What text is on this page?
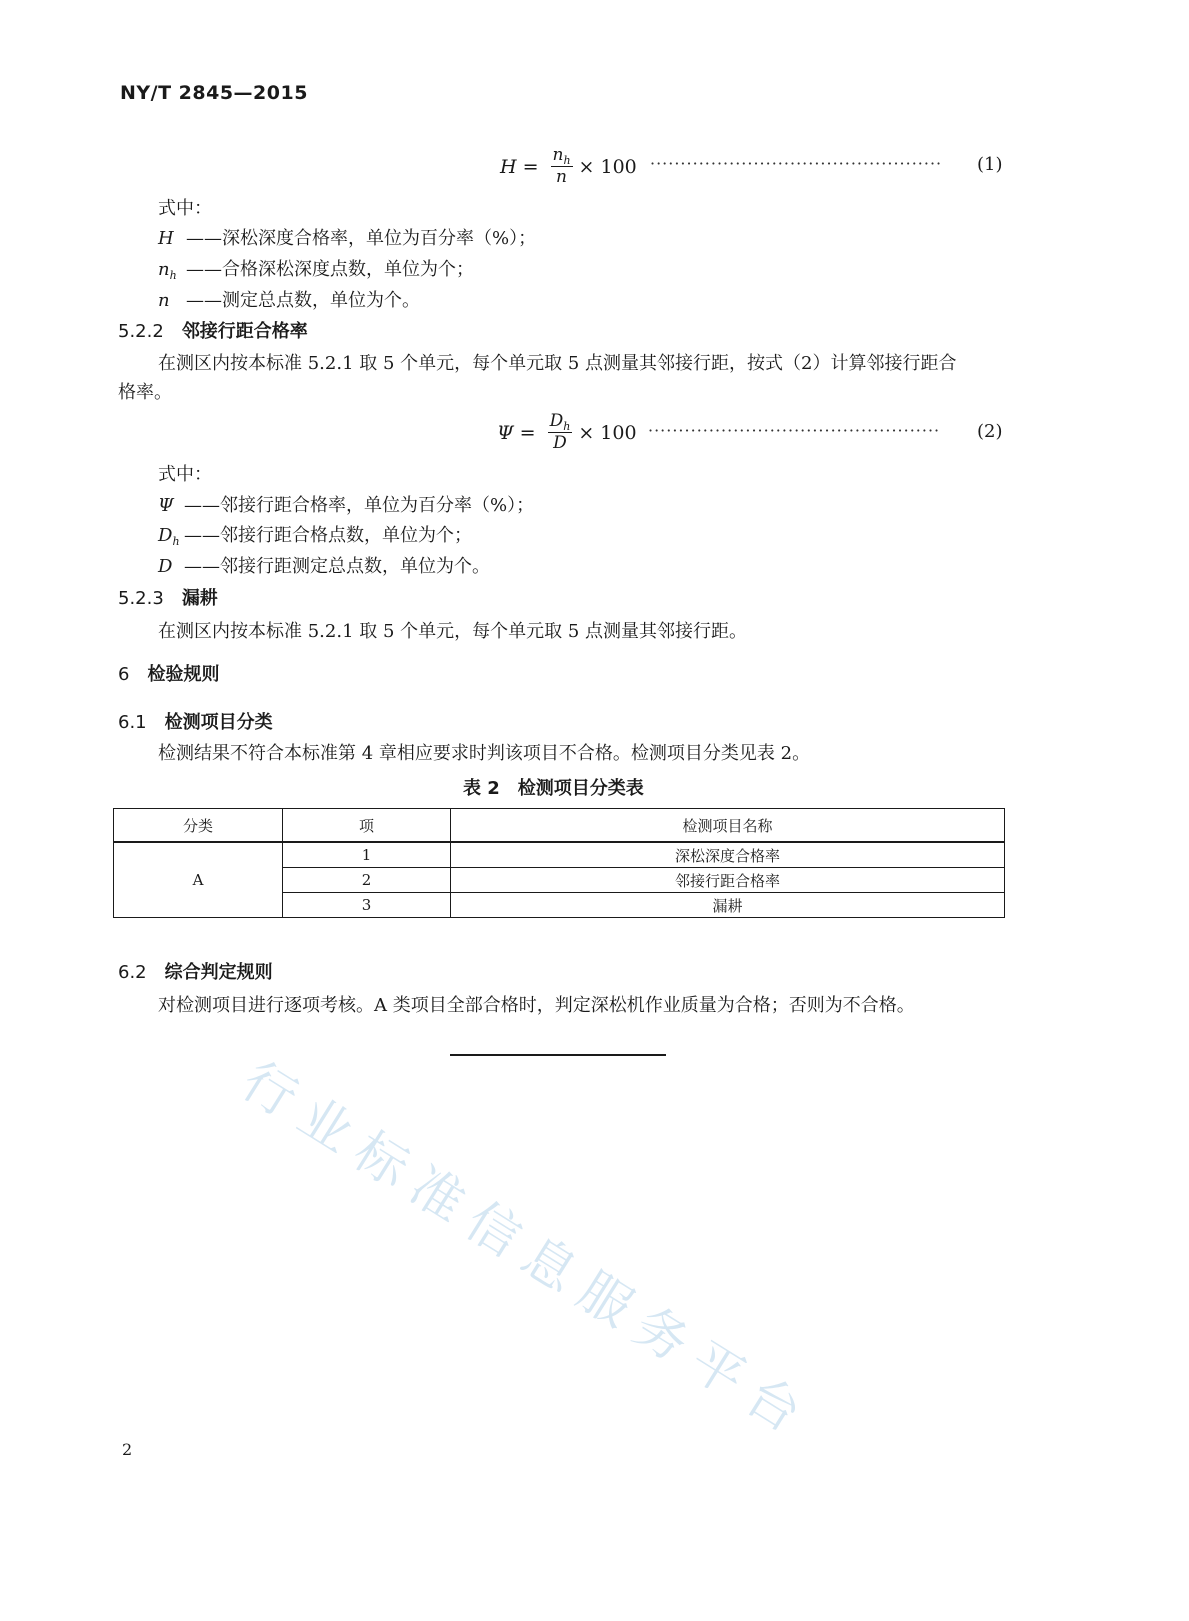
NY/T 2845—2015
$H = \frac{n_h}{n} \times 100$ ················································ (1)
式中：
H ——深松深度合格率，单位为百分率（%）；
$n_h$ ——合格深松深度点数，单位为个；
n ——测定总点数，单位为个。
5.2.2 邻接行距合格率
在测区内按本标准 5.2.1 取 5 个单元，每个单元取 5 点测量其邻接行距，按式（2）计算邻接行距合
格率。
$\Psi = \frac{D_h}{D} \times 100$ ················································ (2)
式中：
Ψ ——邻接行距合格率，单位为百分率（%）；
$D_h$ ——邻接行距合格点数，单位为个；
D ——邻接行距测定总点数，单位为个。
5.2.3 漏耕
在测区内按本标准 5.2.1 取 5 个单元，每个单元取 5 点测量其邻接行距。
6 检验规则
6.1 检测项目分类
检测结果不符合本标准第 4 章相应要求时判该项目不合格。检测项目分类见表 2。
表 2　检测项目分类表
分类	项	检测项目名称
A	1	深松深度合格率
	2	邻接行距合格率
	3	漏耕
6.2 综合判定规则
对检测项目进行逐项考核。A 类项目全部合格时，判定深松机作业质量为合格；否则为不合格。
行业标准信息服务平台
2
